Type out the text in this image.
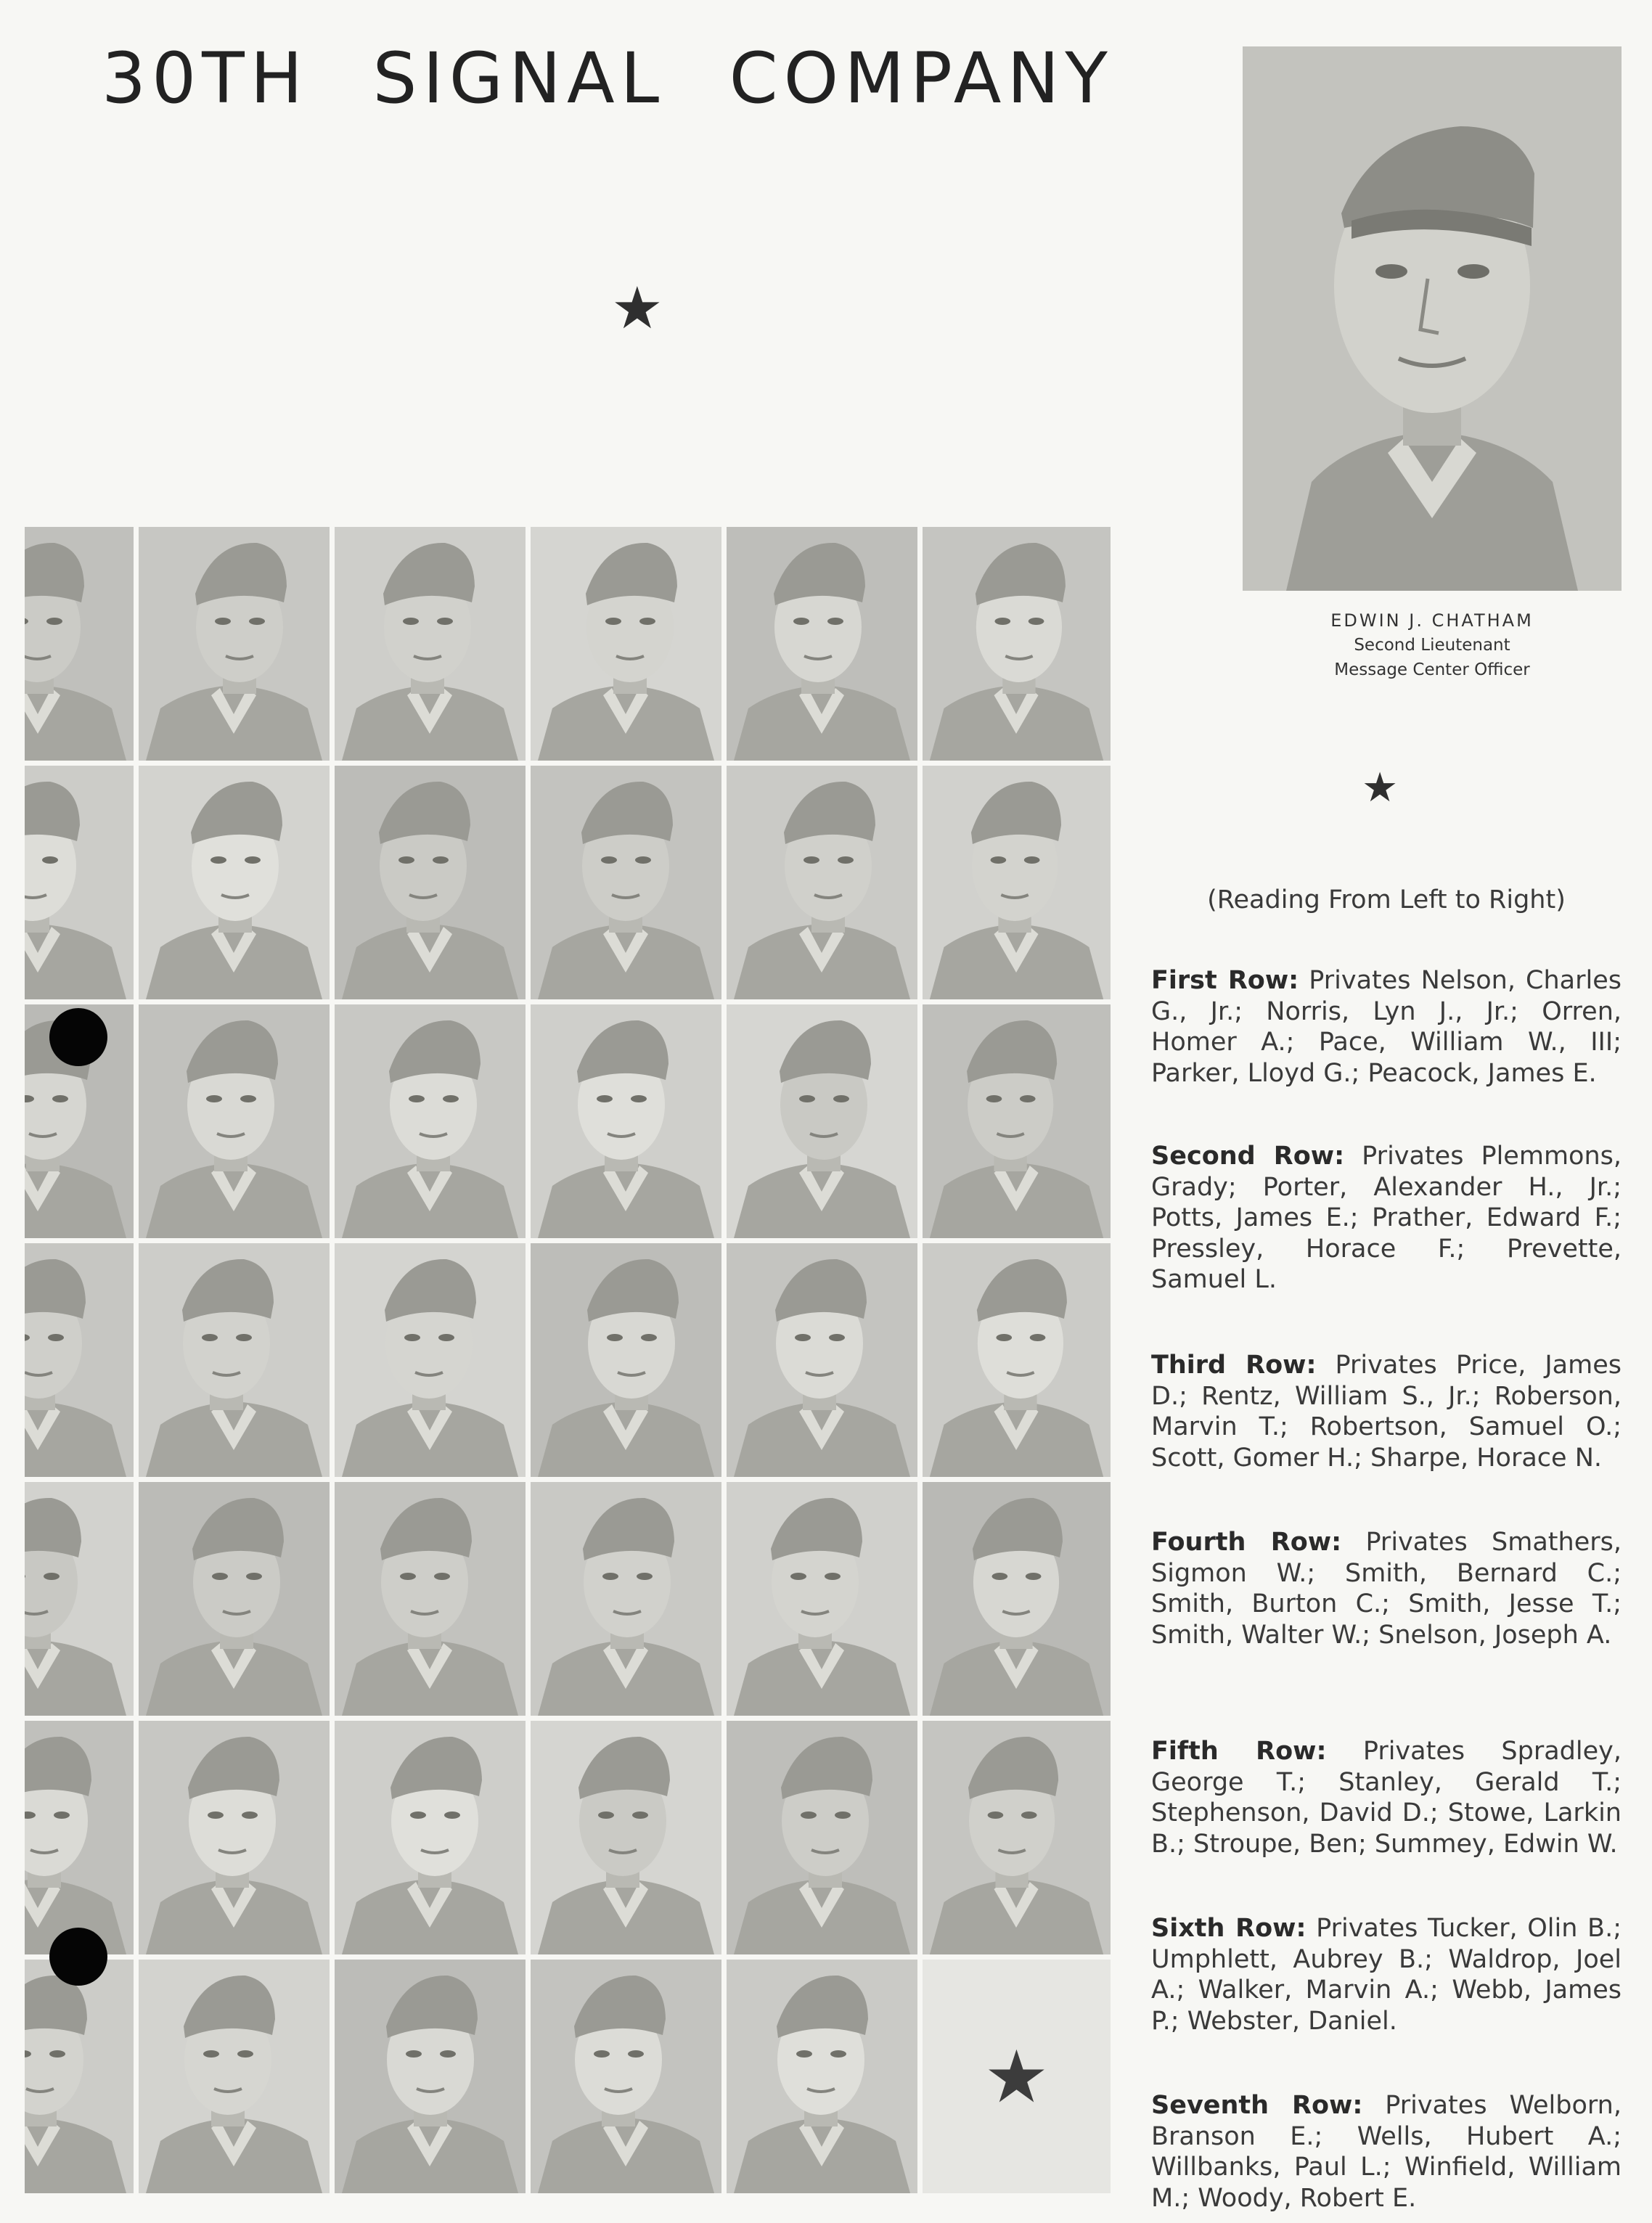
30TH SIGNAL COMPANY
★
EDWIN J. CHATHAM
Second Lieutenant
Message Center Officer
★

(Reading From Left to Right)

First Row: Privates Nelson, Charles G., Jr.; Norris, Lyn J., Jr.; Orren, Homer A.; Pace, William W., III; Parker, Lloyd G.; Peacock, James E.

Second Row: Privates Plemmons, Grady; Porter, Alexander H., Jr.; Potts, James E.; Prather, Edward F.; Pressley, Horace F.; Prevette, Samuel L.

Third Row: Privates Price, James D.; Rentz, William S., Jr.; Roberson, Marvin T.; Robertson, Samuel O.; Scott, Gomer H.; Sharpe, Horace N.

Fourth Row: Privates Smathers, Sigmon W.; Smith, Bernard C.; Smith, Burton C.; Smith, Jesse T.; Smith, Walter W.; Snelson, Joseph A.

Fifth Row: Privates Spradley, George T.; Stanley, Gerald T.; Stephenson, David D.; Stowe, Larkin B.; Stroupe, Ben; Summey, Edwin W.

Sixth Row: Privates Tucker, Olin B.; Umphlett, Aubrey B.; Waldrop, Joel A.; Walker, Marvin A.; Webb, James P.; Webster, Daniel.

Seventh Row: Privates Welborn, Branson E.; Wells, Hubert A.; Willbanks, Paul L.; Winfield, William M.; Woody, Robert E.

★
